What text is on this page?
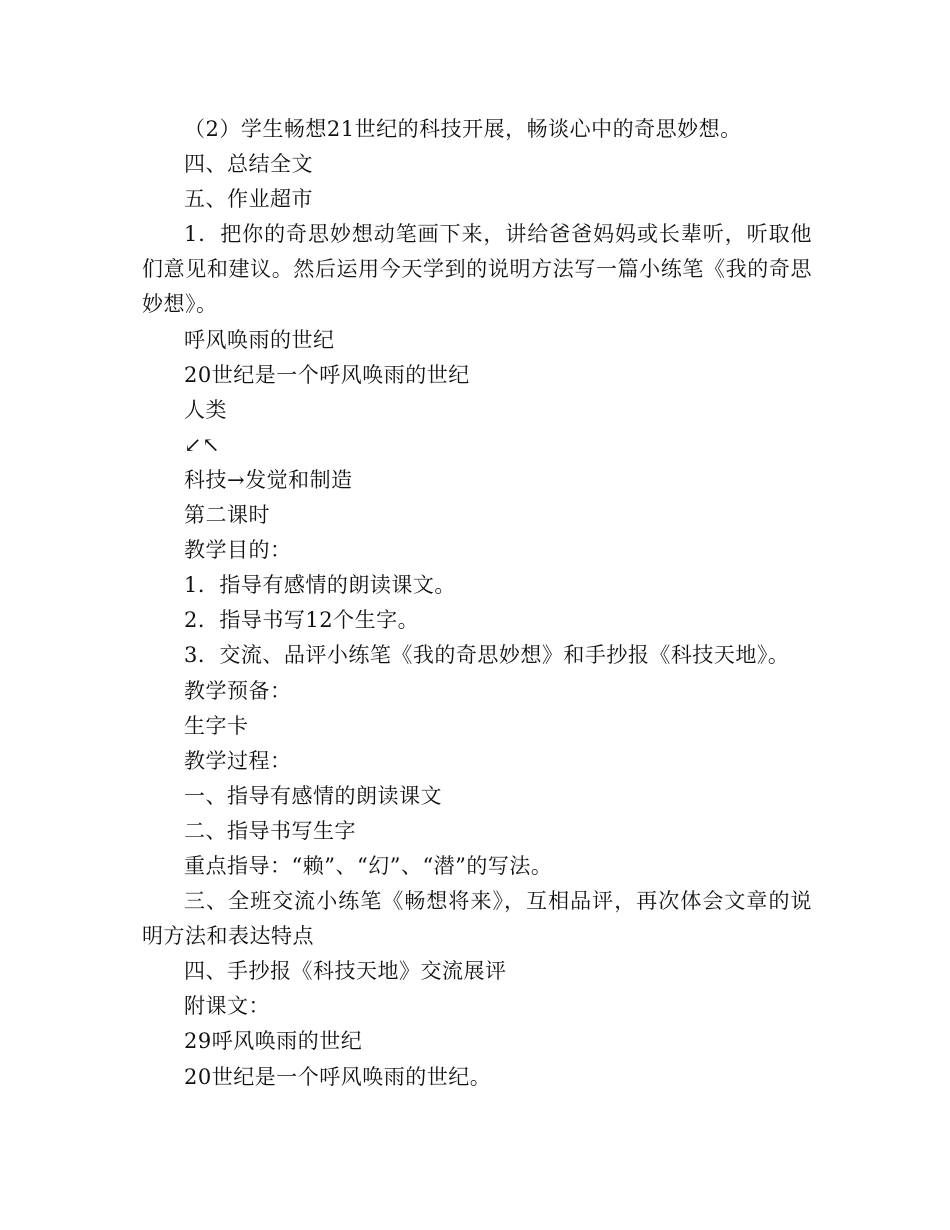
（2）学生畅想21世纪的科技开展，畅谈心中的奇思妙想。

四、总结全文

五、作业超市

1．把你的奇思妙想动笔画下来，讲给爸爸妈妈或长辈听，听取他们意见和建议。然后运用今天学到的说明方法写一篇小练笔《我的奇思妙想》。

呼风唤雨的世纪

20世纪是一个呼风唤雨的世纪

人类

↙↖

科技→发觉和制造

第二课时

教学目的：

1．指导有感情的朗读课文。

2．指导书写12个生字。

3．交流、品评小练笔《我的奇思妙想》和手抄报《科技天地》。

教学预备：

生字卡

教学过程：

一、指导有感情的朗读课文

二、指导书写生字

重点指导：“赖”、“幻”、“潜”的写法。

三、全班交流小练笔《畅想将来》，互相品评，再次体会文章的说明方法和表达特点

四、手抄报《科技天地》交流展评

附课文：

29呼风唤雨的世纪

20世纪是一个呼风唤雨的世纪。
